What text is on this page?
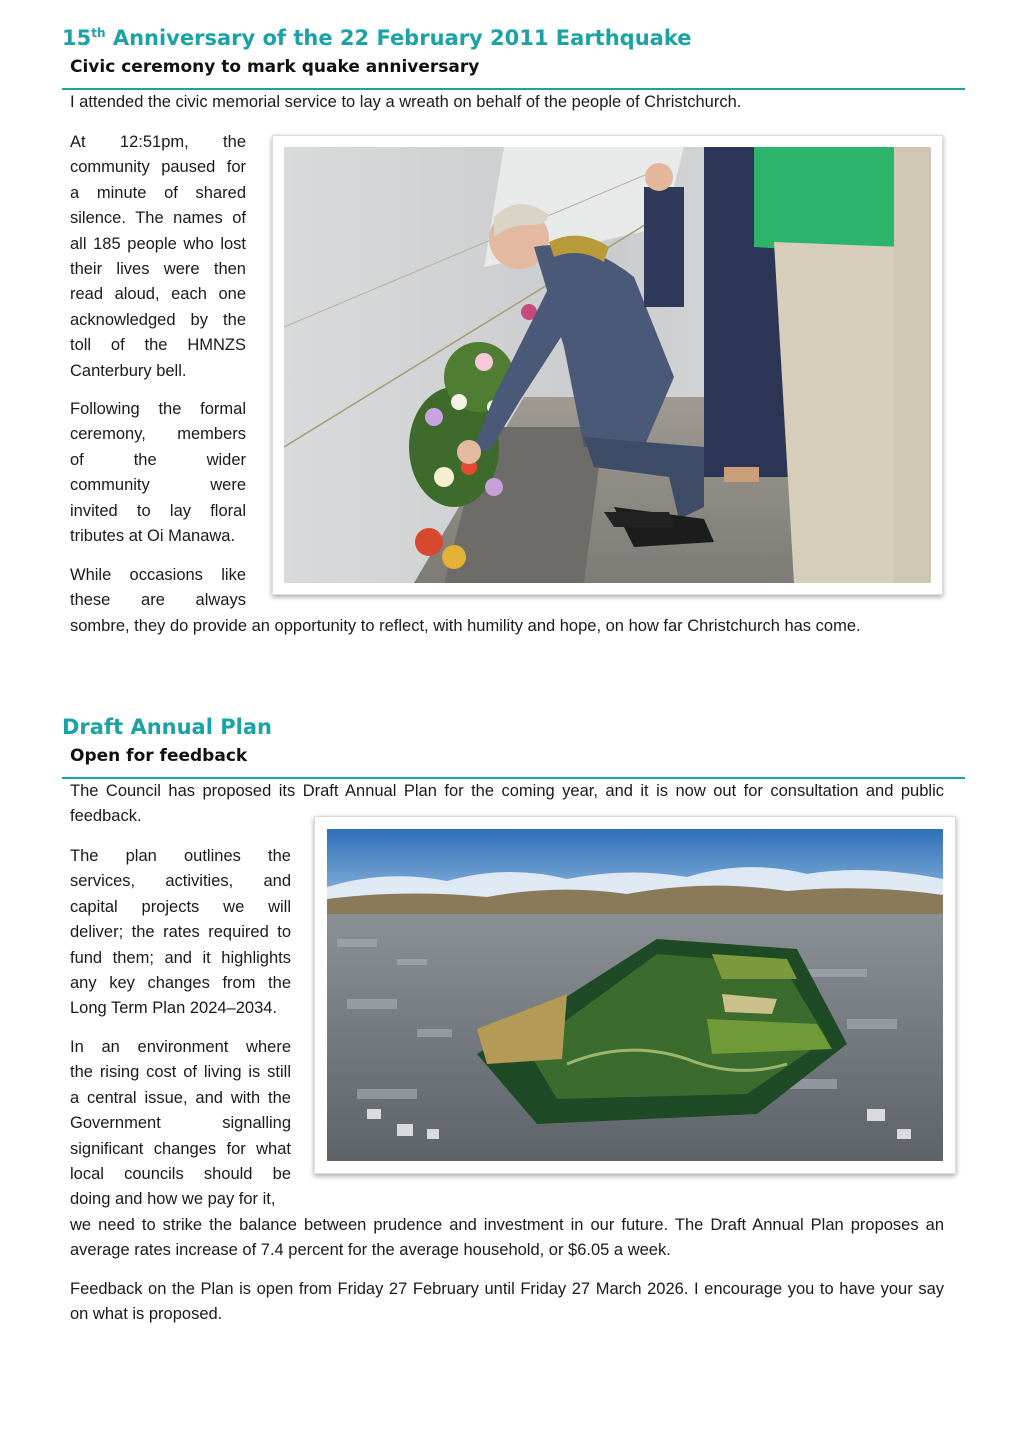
15th Anniversary of the 22 February 2011 Earthquake
Civic ceremony to mark quake anniversary

I attended the civic memorial service to lay a wreath on behalf of the people of Christchurch.

At 12:51pm, the
community paused for
a minute of shared
silence. The names of
all 185 people who lost
their lives were then
read aloud, each one
acknowledged by the
toll of the HMNZS
Canterbury bell.
Following the formal
ceremony, members
of the wider
community were
invited to lay floral
tributes at Oi Manawa.
While occasions like
these are always
sombre, they do provide an opportunity to reflect, with humility and hope, on how far Christchurch has come.
Draft Annual Plan
Open for feedback

The Council has proposed its Draft Annual Plan for the coming year, and it is now out for consultation and public feedback.

The plan outlines the
services, activities, and
capital projects we will
deliver; the rates required to
fund them; and it highlights
any key changes from the
Long Term Plan 2024–2034.
In an environment where
the rising cost of living is still
a central issue, and with the
Government signalling
significant changes for what
local councils should be
doing and how we pay for it,
we need to strike the balance between prudence and investment in our future. The Draft Annual Plan proposes an average rates increase of 7.4 percent for the average household, or $6.05 a week.

Feedback on the Plan is open from Friday 27 February until Friday 27 March 2026. I encourage you to have your say on what is proposed.
